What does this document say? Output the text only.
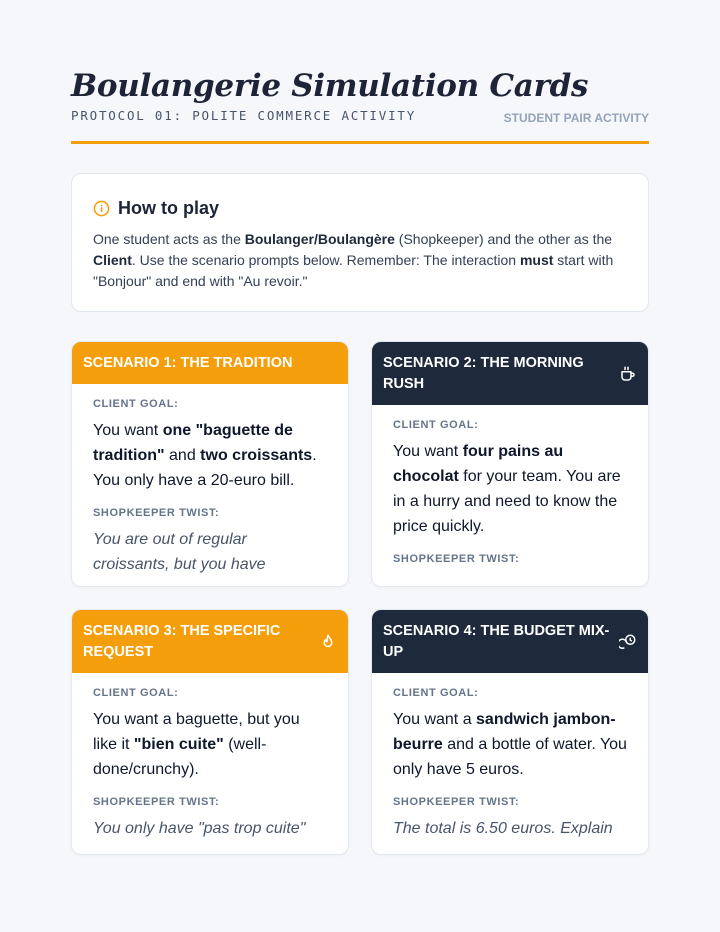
Boulangerie Simulation Cards
PROTOCOL 01: POLITE COMMERCE ACTIVITY	STUDENT PAIR ACTIVITY
How to play

One student acts as the Boulanger/Boulangère (Shopkeeper) and the other as the Client. Use the scenario prompts below. Remember: The interaction must start with "Bonjour" and end with "Au revoir."

SCENARIO 1: THE TRADITION
CLIENT GOAL:

You want one "baguette de tradition" and two croissants. You only have a 20-euro bill.

SHOPKEEPER TWIST:

You are out of regular croissants, but you have

SCENARIO 2: THE MORNING RUSH
CLIENT GOAL:

You want four pains au chocolat for your team. You are in a hurry and need to know the price quickly.

SHOPKEEPER TWIST:

SCENARIO 3: THE SPECIFIC REQUEST
CLIENT GOAL:

You want a baguette, but you like it "bien cuite" (well-done/crunchy).

SHOPKEEPER TWIST:

You only have "pas trop cuite"

SCENARIO 4: THE BUDGET MIX-UP
CLIENT GOAL:

You want a sandwich jambon-beurre and a bottle of water. You only have 5 euros.

SHOPKEEPER TWIST:

The total is 6.50 euros. Explain
